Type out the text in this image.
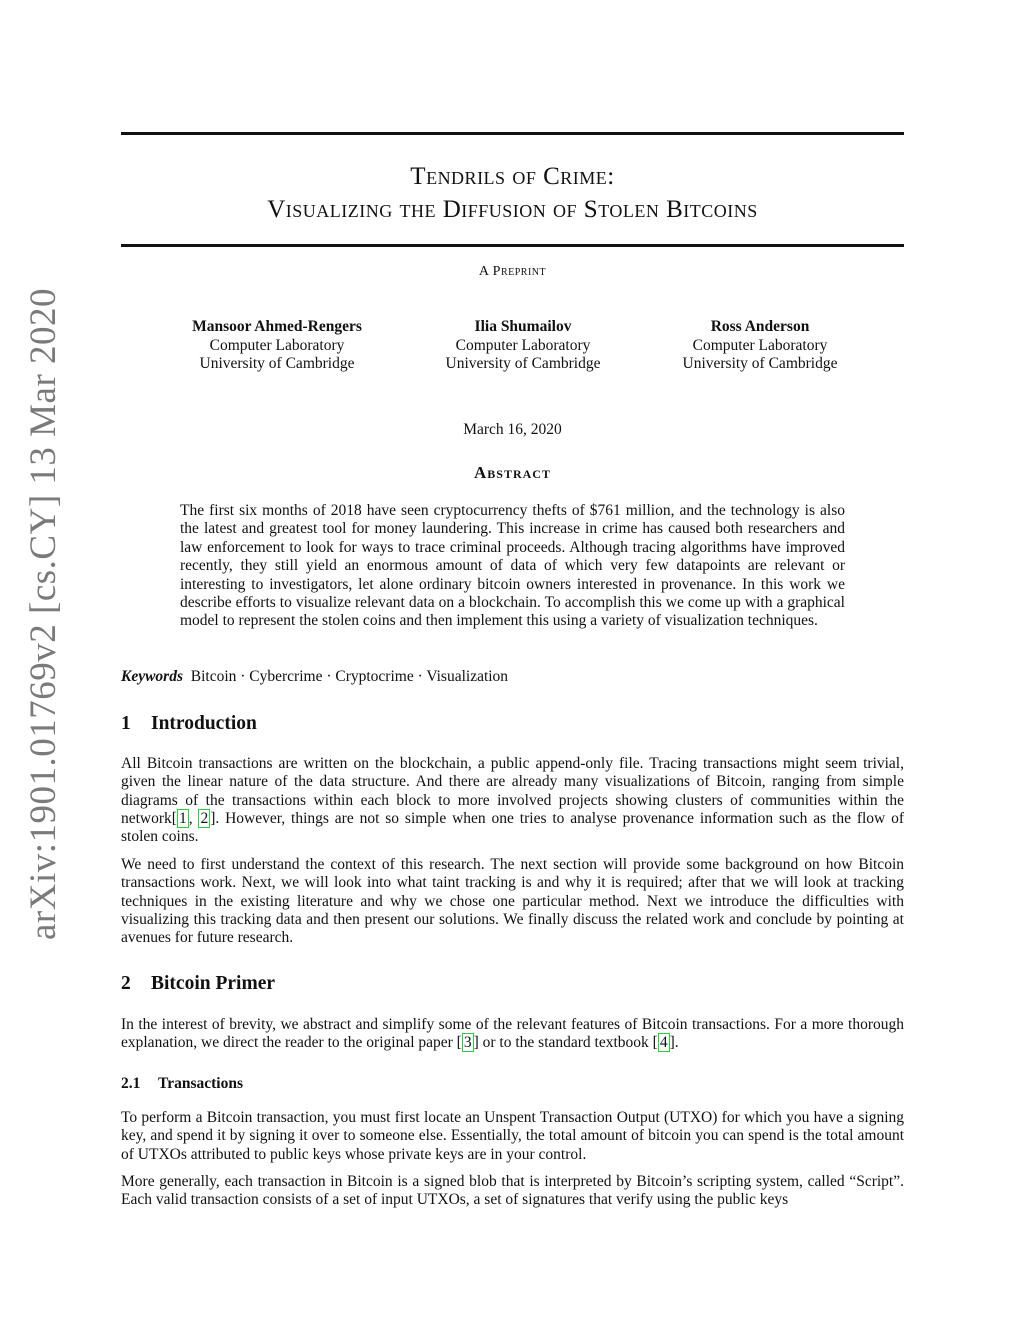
arXiv:1901.01769v2 [cs.CY] 13 Mar 2020
Tendrils of Crime:
Visualizing the Diffusion of Stolen Bitcoins
A Preprint
Mansoor Ahmed-Rengers
Computer Laboratory
University of Cambridge
Ilia Shumailov
Computer Laboratory
University of Cambridge
Ross Anderson
Computer Laboratory
University of Cambridge
March 16, 2020
Abstract
The first six months of 2018 have seen cryptocurrency thefts of $761 million, and the technology is also the latest and greatest tool for money laundering. This increase in crime has caused both researchers and law enforcement to look for ways to trace criminal proceeds. Although tracing algorithms have improved recently, they still yield an enormous amount of data of which very few datapoints are relevant or interesting to investigators, let alone ordinary bitcoin owners interested in provenance. In this work we describe efforts to visualize relevant data on a blockchain. To accomplish this we come up with a graphical model to represent the stolen coins and then implement this using a variety of visualization techniques.
Keywords Bitcoin · Cybercrime · Cryptocrime · Visualization
1 Introduction
All Bitcoin transactions are written on the blockchain, a public append-only file. Tracing transactions might seem trivial, given the linear nature of the data structure. And there are already many visualizations of Bitcoin, ranging from simple diagrams of the transactions within each block to more involved projects showing clusters of communities within the network[ 1 , 2 ]. However, things are not so simple when one tries to analyse provenance information such as the flow of stolen coins.
We need to first understand the context of this research. The next section will provide some background on how Bitcoin transactions work. Next, we will look into what taint tracking is and why it is required; after that we will look at tracking techniques in the existing literature and why we chose one particular method. Next we introduce the difficulties with visualizing this tracking data and then present our solutions. We finally discuss the related work and conclude by pointing at avenues for future research.
2 Bitcoin Primer
In the interest of brevity, we abstract and simplify some of the relevant features of Bitcoin transactions. For a more thorough explanation, we direct the reader to the original paper [ 3 ] or to the standard textbook [ 4 ].
2.1 Transactions
To perform a Bitcoin transaction, you must first locate an Unspent Transaction Output (UTXO) for which you have a signing key, and spend it by signing it over to someone else. Essentially, the total amount of bitcoin you can spend is the total amount of UTXOs attributed to public keys whose private keys are in your control.
More generally, each transaction in Bitcoin is a signed blob that is interpreted by Bitcoin’s scripting system, called “Script”. Each valid transaction consists of a set of input UTXOs, a set of signatures that verify using the public keys
